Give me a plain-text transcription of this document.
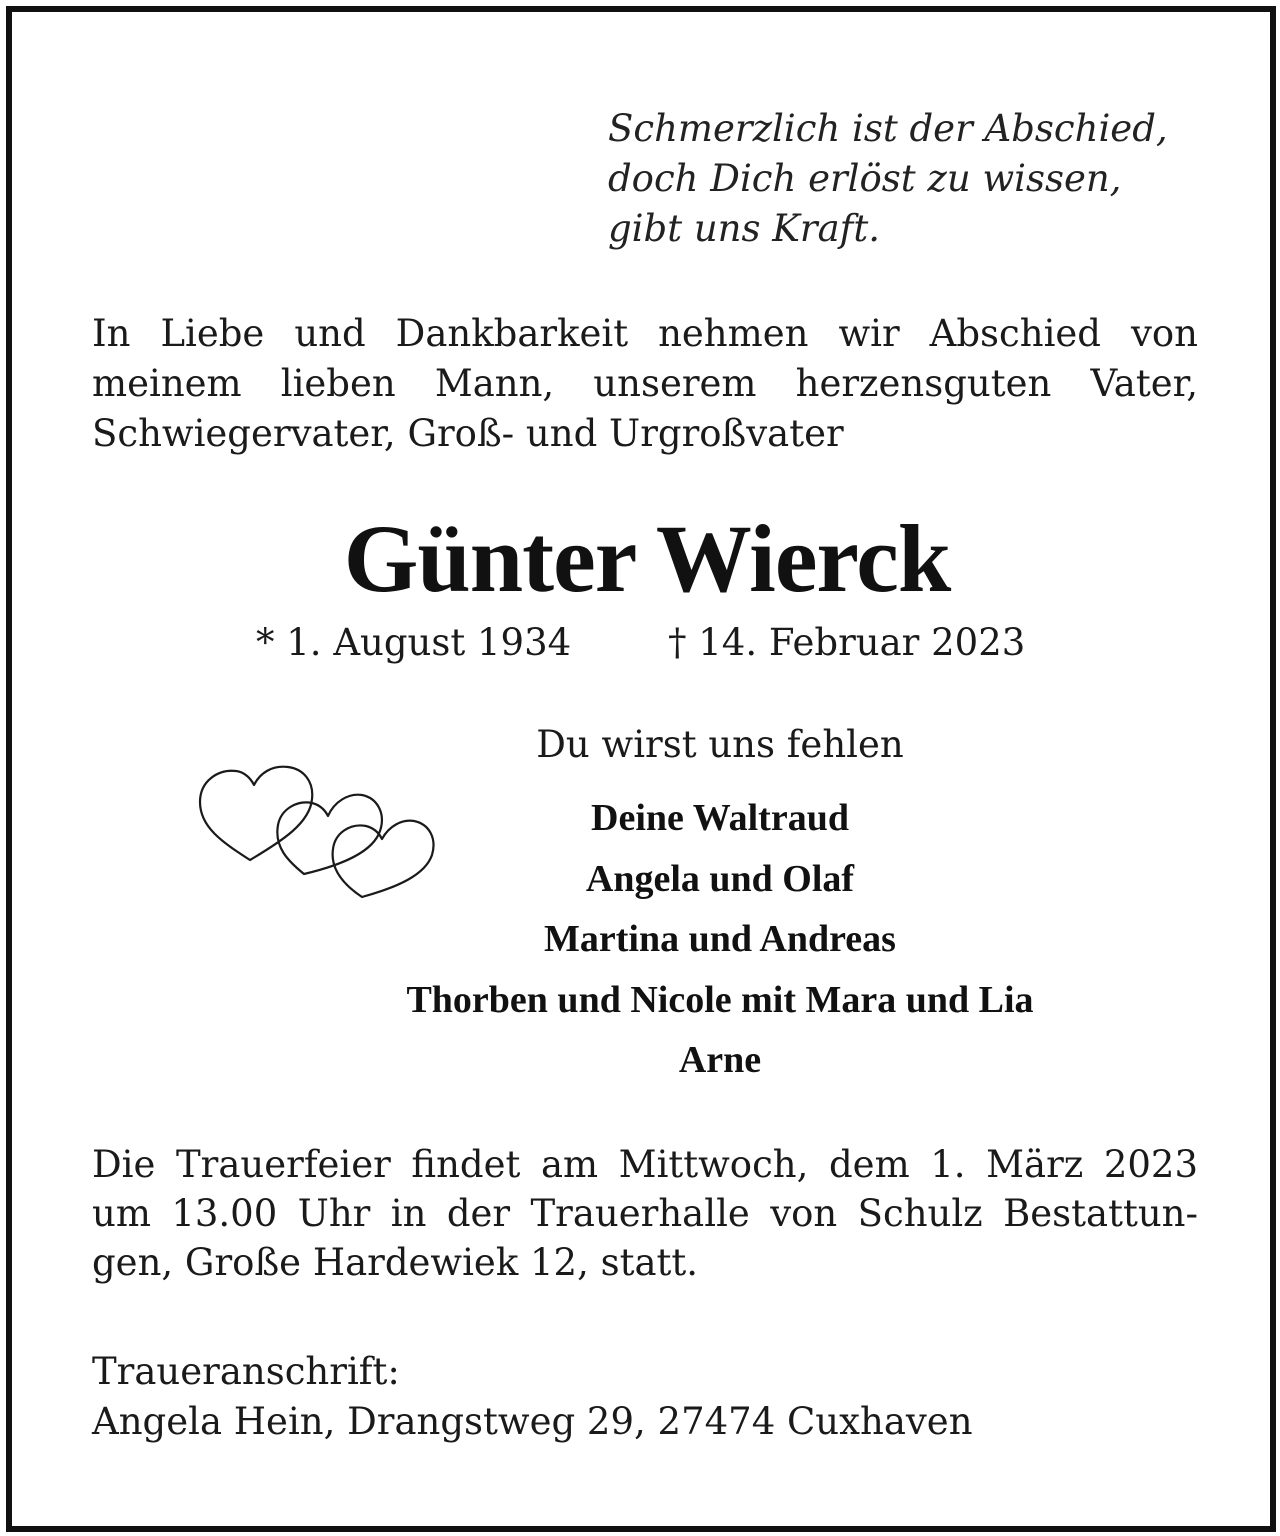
Schmerzlich ist der Abschied,
doch Dich erlöst zu wissen,
gibt uns Kraft.
In Liebe und Dankbarkeit nehmen wir Abschied von
meinem lieben Mann, unserem herzensguten Vater,
Schwiegervater, Groß- und Urgroßvater
Günter Wierck
* 1. August 1934	† 14. Februar 2023
Du wirst uns fehlen
Deine Waltraud
Angela und Olaf
Martina und Andreas
Thorben und Nicole mit Mara und Lia
Arne
Die Trauerfeier findet am Mittwoch, dem 1. März 2023
um 13.00 Uhr in der Trauerhalle von Schulz Bestattun-
gen, Große Hardewiek 12, statt.
Traueranschrift:
Angela Hein, Drangstweg 29, 27474 Cuxhaven
